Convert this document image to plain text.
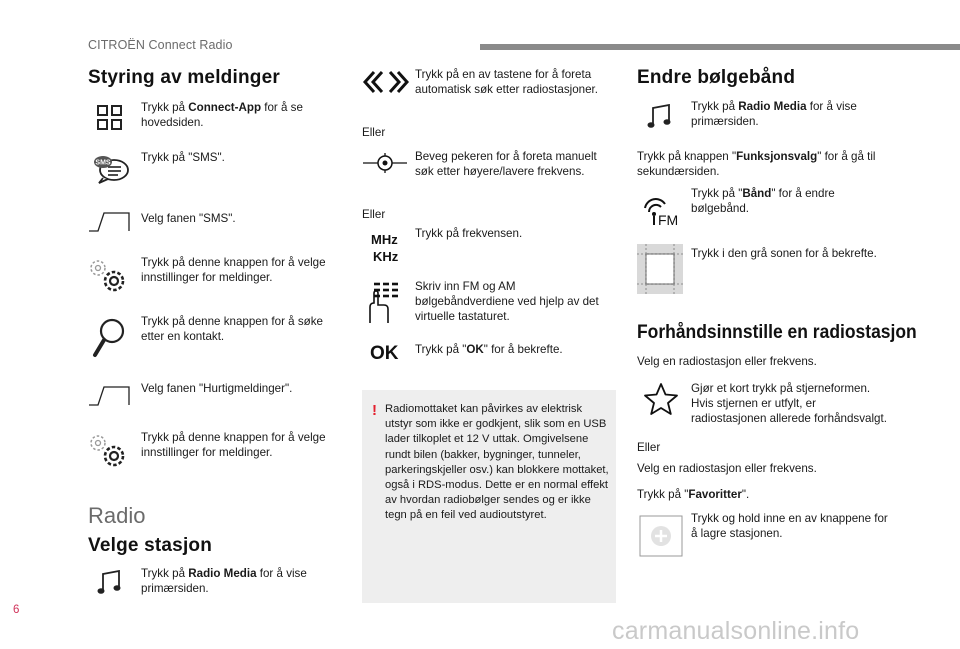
CITROËN Connect Radio
Styring av meldinger
Trykk på Connect-App for å se hovedsiden.
SMS	Trykk på "SMS".
Velg fanen "SMS".
Trykk på denne knappen for å velge innstillinger for meldinger.
Trykk på denne knappen for å søke etter en kontakt.
Velg fanen "Hurtigmeldinger".
Trykk på denne knappen for å velge innstillinger for meldinger.
Radio
Velge stasjon
Trykk på Radio Media for å vise primærsiden.
Trykk på en av tastene for å foreta automatisk søk etter radiostasjoner.
Eller
Beveg pekeren for å foreta manuelt søk etter høyere/lavere frekvens.
Eller
MHz
KHz
Trykk på frekvensen.
Skriv inn FM og AM bølgebåndverdiene ved hjelp av det virtuelle tastaturet.
OK Trykk på "OK" for å bekrefte.
! Radiomottaket kan påvirkes av elektrisk utstyr som ikke er godkjent, slik som en USB lader tilkoplet et 12 V uttak. Omgivelsene rundt bilen (bakker, bygninger, tunneler, parkeringskjeller osv.) kan blokkere mottaket, også i RDS-modus. Dette er en normal effekt av hvordan radiobølger sendes og er ikke tegn på en feil ved audioutstyret.
Endre bølgebånd
Trykk på Radio Media for å vise primærsiden.
Trykk på knappen "Funksjonsvalg" for å gå til sekundærsiden.
FM
Trykk på "Bånd" for å endre bølgebånd.
Trykk i den grå sonen for å bekrefte.
Forhåndsinnstille en radiostasjon
Velg en radiostasjon eller frekvens.
Gjør et kort trykk på stjerneformen. Hvis stjernen er utfylt, er radiostasjonen allerede forhåndsvalgt.
Eller
Velg en radiostasjon eller frekvens.
Trykk på "Favoritter".
Trykk og hold inne en av knappene for å lagre stasjonen.
6
carmanualsonline.info
